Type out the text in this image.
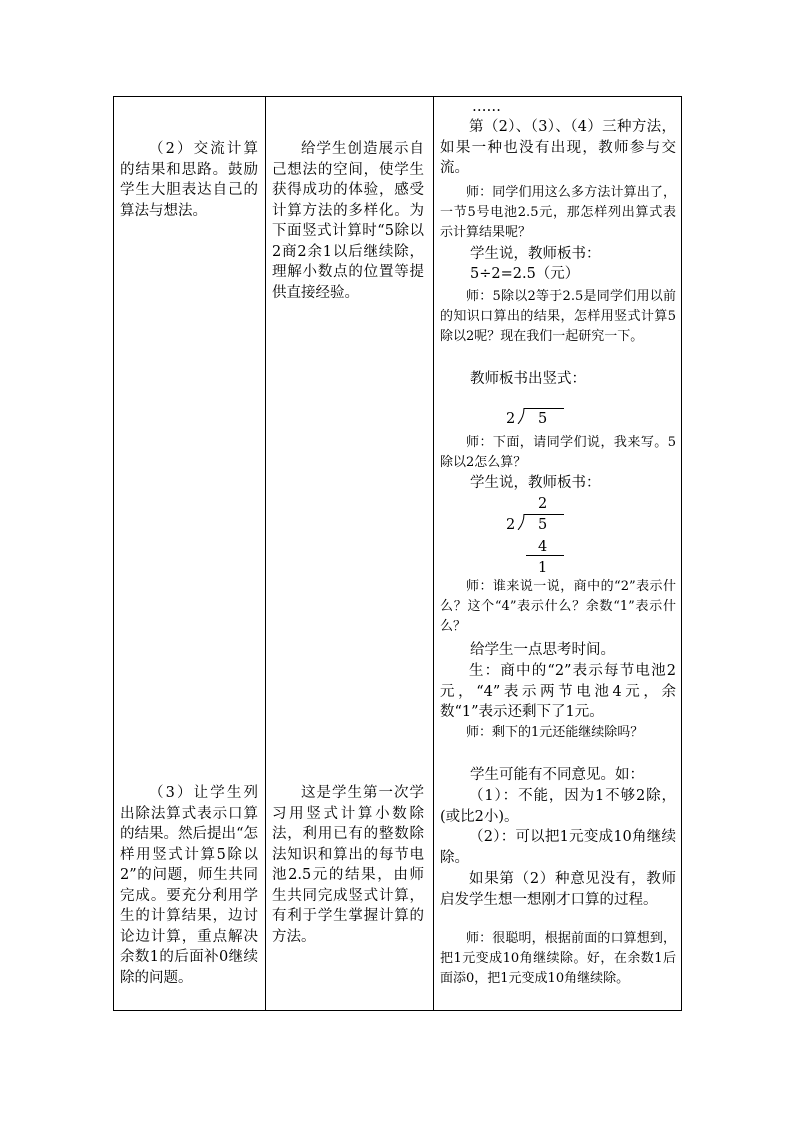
（2）交流计算的结果和思路。鼓励学生大胆表达自己的算法与想法。
（3）让学生列出除法算式表示口算的结果。然后提出“怎样用竖式计算5除以2”的问题，师生共同完成。要充分利用学生的计算结果，边讨论边计算，重点解决余数1的后面补0继续除的问题。
给学生创造展示自己想法的空间，使学生获得成功的体验，感受计算方法的多样化。为下面竖式计算时“5除以2商2余1以后继续除，理解小数点的位置等提供直接经验。
这是学生第一次学习用竖式计算小数除法，利用已有的整数除法知识和算出的每节电池2.5元的结果，由师生共同完成竖式计算，有利于学生掌握计算的方法。
……
第（2）、（3）、（4）三种方法，如果一种也没有出现，教师参与交流。
师：同学们用这么多方法计算出了，一节5号电池2.5元，那怎样列出算式表示计算结果呢？
学生说，教师板书：
5÷2=2.5（元）
师：5除以2等于2.5是同学们用以前的知识口算出的结果，怎样用竖式计算5除以2呢？现在我们一起研究一下。
教师板书出竖式：
2 5
师：下面，请同学们说，我来写。5除以2怎么算？
学生说，教师板书：
2
2 5
4
1
师：谁来说一说，商中的“2”表示什么？这个“4”表示什么？余数“1”表示什么？
给学生一点思考时间。
生：商中的“2”表示每节电池2元，“4”表示两节电池4元，余数“1”表示还剩下了1元。
师：剩下的1元还能继续除吗？
学生可能有不同意见。如：
（1）：不能，因为1不够2除，(或比2小)。
（2）：可以把1元变成10角继续除。
如果第（2）种意见没有，教师启发学生想一想刚才口算的过程。
师：很聪明，根据前面的口算想到，把1元变成10角继续除。好，在余数1后面添0，把1元变成10角继续除。
